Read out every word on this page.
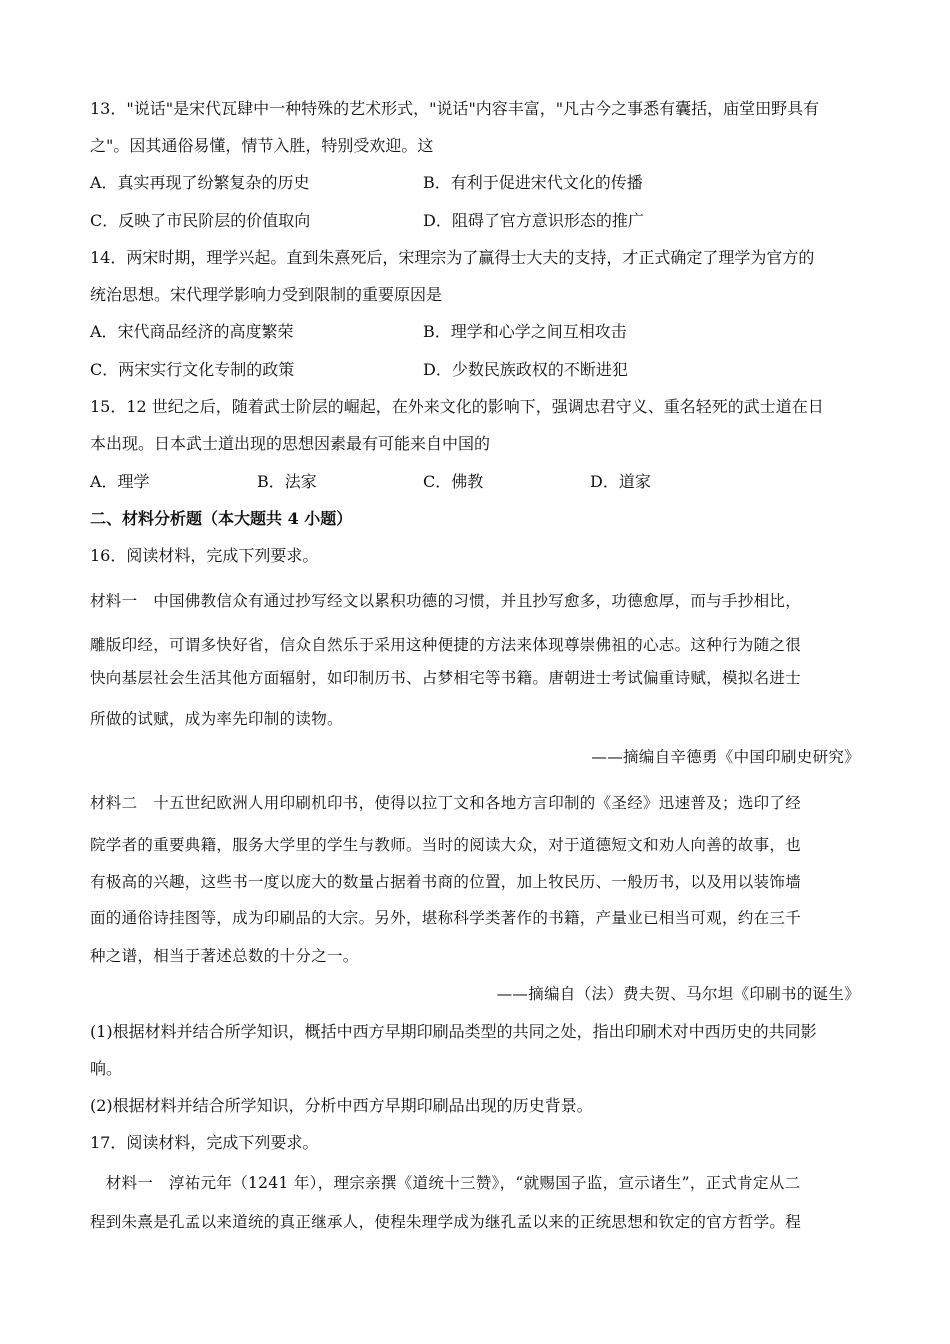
13．"说话"是宋代瓦肆中一种特殊的艺术形式，"说话"内容丰富，"凡古今之事悉有囊括，庙堂田野具有
之"。因其通俗易懂，情节入胜，特别受欢迎。这
A．真实再现了纷繁复杂的历史	B．有利于促进宋代文化的传播
C．反映了市民阶层的价值取向	D．阻碍了官方意识形态的推广
14．两宋时期，理学兴起。直到朱熹死后，宋理宗为了赢得士大夫的支持，才正式确定了理学为官方的
统治思想。宋代理学影响力受到限制的重要原因是
A．宋代商品经济的高度繁荣	B．理学和心学之间互相攻击
C．两宋实行文化专制的政策	D．少数民族政权的不断进犯
15．12 世纪之后，随着武士阶层的崛起，在外来文化的影响下，强调忠君守义、重名轻死的武士道在日
本出现。日本武士道出现的思想因素最有可能来自中国的
A．理学	B．法家	C．佛教	D．道家
二、材料分析题（本大题共 4 小题）
16．阅读材料，完成下列要求。
材料一　中国佛教信众有通过抄写经文以累积功德的习惯，并且抄写愈多，功德愈厚，而与手抄相比，
雕版印经，可谓多快好省，信众自然乐于采用这种便捷的方法来体现尊崇佛祖的心志。这种行为随之很
快向基层社会生活其他方面辐射，如印制历书、占梦相宅等书籍。唐朝进士考试偏重诗赋，模拟名进士
所做的试赋，成为率先印制的读物。
——摘编自辛德勇《中国印刷史研究》
材料二　十五世纪欧洲人用印刷机印书，使得以拉丁文和各地方言印制的《圣经》迅速普及；选印了经
院学者的重要典籍，服务大学里的学生与教师。当时的阅读大众，对于道德短文和劝人向善的故事，也
有极高的兴趣，这些书一度以庞大的数量占据着书商的位置，加上牧民历、一般历书，以及用以装饰墙
面的通俗诗挂图等，成为印刷品的大宗。另外，堪称科学类著作的书籍，产量业已相当可观，约在三千
种之谱，相当于著述总数的十分之一。
——摘编自（法）费夫贺、马尔坦《印刷书的诞生》
(1)根据材料并结合所学知识，概括中西方早期印刷品类型的共同之处，指出印刷术对中西历史的共同影
响。
(2)根据材料并结合所学知识，分析中西方早期印刷品出现的历史背景。
17．阅读材料，完成下列要求。
　材料一　淳祐元年（1241 年），理宗亲撰《道统十三赞》，“就赐国子监，宣示诸生”，正式肯定从二
程到朱熹是孔孟以来道统的真正继承人，使程朱理学成为继孔孟以来的正统思想和钦定的官方哲学。程
